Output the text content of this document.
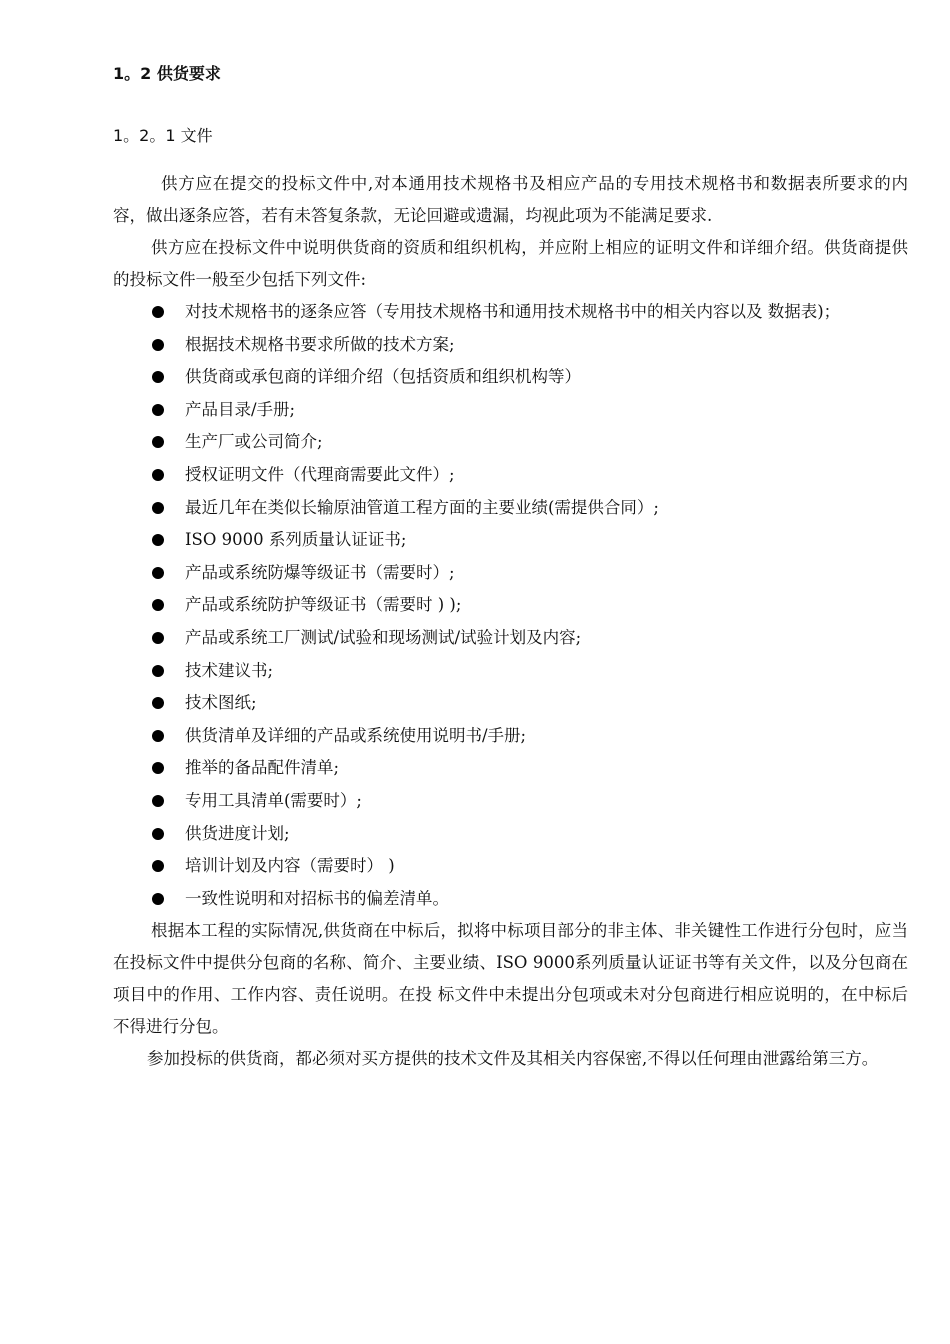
1。2 供货要求
1。2。1 文件

供方应在提交的投标文件中,对本通用技术规格书及相应产品的专用技术规格书和数据表所要求的内容，做出逐条应答，若有未答复条款，无论回避或遗漏，均视此项为不能满足要求.

供方应在投标文件中说明供货商的资质和组织机构，并应附上相应的证明文件和详细介绍。供货商提供的投标文件一般至少包括下列文件:

对技术规格书的逐条应答（专用技术规格书和通用技术规格书中的相关内容以及 数据表)；
根据技术规格书要求所做的技术方案;
供货商或承包商的详细介绍（包括资质和组织机构等）
产品目录/手册;
生产厂或公司简介;
授权证明文件（代理商需要此文件）;
最近几年在类似长输原油管道工程方面的主要业绩(需提供合同）;
ISO 9000 系列质量认证证书;
产品或系统防爆等级证书（需要时）;
产品或系统防护等级证书（需要时 ) );
产品或系统工厂测试/试验和现场测试/试验计划及内容;
技术建议书;
技术图纸;
供货清单及详细的产品或系统使用说明书/手册;
推举的备品配件清单;
专用工具清单(需要时）;
供货进度计划;
培训计划及内容（需要时） )
一致性说明和对招标书的偏差清单。

根据本工程的实际情况,供货商在中标后，拟将中标项目部分的非主体、非关键性工作进行分包时，应当在投标文件中提供分包商的名称、简介、主要业绩、ISO 9000系列质量认证证书等有关文件，以及分包商在项目中的作用、工作内容、责任说明。在投 标文件中未提出分包项或未对分包商进行相应说明的，在中标后不得进行分包。

参加投标的供货商，都必须对买方提供的技术文件及其相关内容保密,不得以任何理由泄露给第三方。
